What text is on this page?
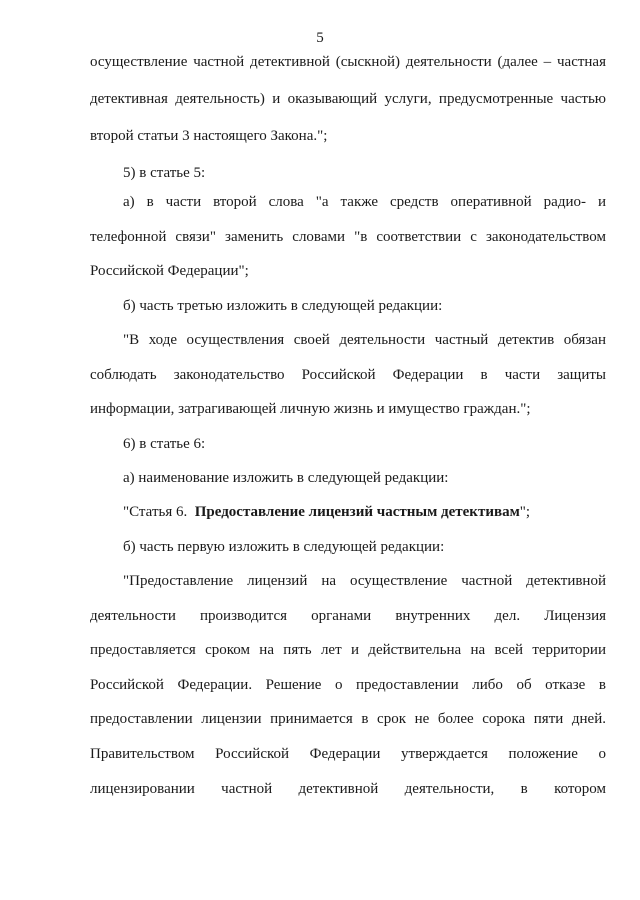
5
осуществление частной детективной (сыскной) деятельности (далее – частная
детективная деятельность) и оказывающий услуги, предусмотренные частью
второй статьи 3 настоящего Закона.";
5) в статье 5:
а) в части второй слова "а также средств оперативной радио- и
телефонной связи" заменить словами "в соответствии с законодательством
Российской Федерации";
б) часть третью изложить в следующей редакции:
"В ходе осуществления своей деятельности частный детектив обязан
соблюдать законодательство Российской Федерации в части защиты
информации, затрагивающей личную жизнь и имущество граждан.";
6) в статье 6:
а) наименование изложить в следующей редакции:
"Статья 6. Предоставление лицензий частным детективам";
б) часть первую изложить в следующей редакции:
"Предоставление лицензий на осуществление частной детективной
деятельности производится органами внутренних дел. Лицензия
предоставляется сроком на пять лет и действительна на всей территории
Российской Федерации. Решение о предоставлении либо об отказе в
предоставлении лицензии принимается в срок не более сорока пяти дней.
Правительством Российской Федерации утверждается положение о
лицензировании частной детективной деятельности, в котором
